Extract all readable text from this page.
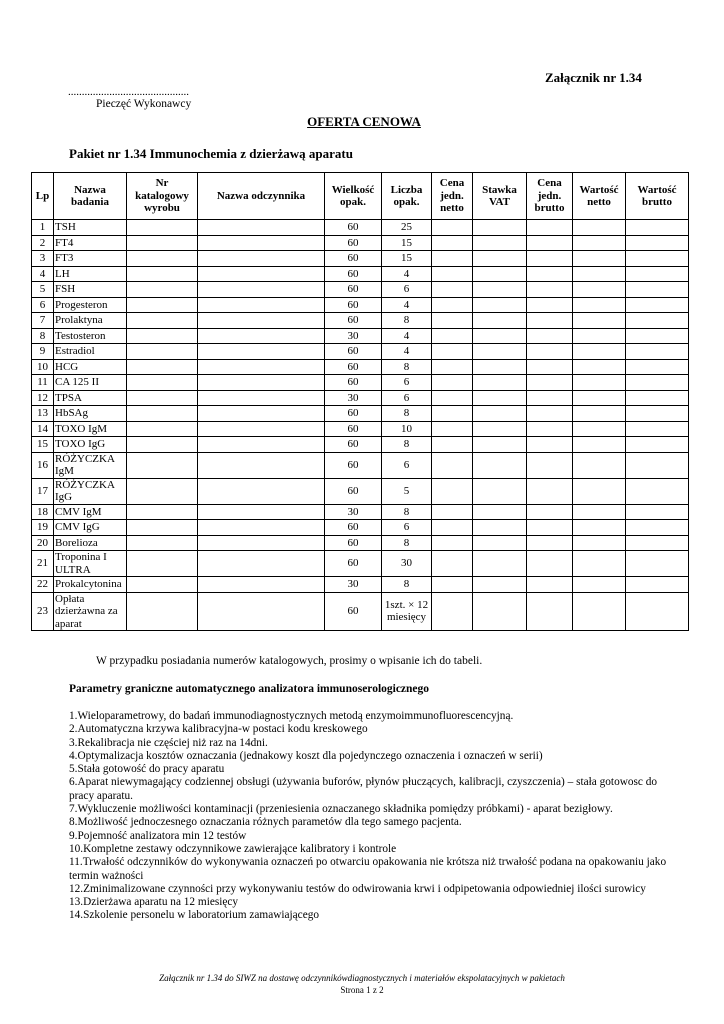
Załącznik nr 1.34
............................................
Pieczęć Wykonawcy
OFERTA CENOWA
Pakiet nr 1.34 Immunochemia z dzierżawą aparatu
Lp	Nazwa badania	Nr katalogowy wyrobu	Nazwa odczynnika	Wielkość opak.	Liczba opak.	Cena jedn. netto	Stawka VAT	Cena jedn. brutto	Wartość netto	Wartość brutto
1	TSH			60	25					
2	FT4			60	15					
3	FT3			60	15					
4	LH			60	4					
5	FSH			60	6					
6	Progesteron			60	4					
7	Prolaktyna			60	8					
8	Testosteron			30	4					
9	Estradiol			60	4					
10	HCG			60	8					
11	CA 125 II			60	6					
12	TPSA			30	6					
13	HbSAg			60	8					
14	TOXO IgM			60	10					
15	TOXO IgG			60	8					
16	RÓŻYCZKA IgM			60	6					
17	RÓŻYCZKA IgG			60	5					
18	CMV IgM			30	8					
19	CMV IgG			60	6					
20	Borelioza			60	8					
21	Troponina I ULTRA			60	30					
22	Prokalcytonina			30	8					
23	Opłata dzierżawna za aparat			60	1szt. × 12 miesięcy					
W przypadku posiadania numerów katalogowych, prosimy o wpisanie ich do tabeli.
Parametry graniczne automatycznego analizatora immunoserologicznego
1.Wieloparametrowy, do badań immunodiagnostycznych metodą enzymoimmunofluorescencyjną.
2.Automatyczna krzywa kalibracyjna-w postaci kodu kreskowego
3.Rekalibracja nie częściej niż raz na 14dni.
4.Optymalizacja kosztów oznaczania (jednakowy koszt dla pojedynczego oznaczenia i oznaczeń w serii)
5.Stała gotowość do pracy aparatu
6.Aparat niewymagający codziennej obsługi (używania buforów, płynów płuczących, kalibracji, czyszczenia) – stała gotowosc do pracy aparatu.
7.Wykluczenie możliwości kontaminacji (przeniesienia oznaczanego składnika pomiędzy próbkami) - aparat bezigłowy.
8.Możliwość jednoczesnego oznaczania różnych parametów dla tego samego pacjenta.
9.Pojemność analizatora min 12 testów
10.Kompletne zestawy odczynnikowe zawierające kalibratory i kontrole
11.Trwałość odczynników do wykonywania oznaczeń po otwarciu opakowania nie krótsza niż trwałość podana na opakowaniu jako termin ważności
12.Zminimalizowane czynności przy wykonywaniu testów do odwirowania krwi i odpipetowania odpowiedniej ilości surowicy
13.Dzierżawa aparatu na 12 miesięcy
14.Szkolenie personelu w laboratorium zamawiającego
Załącznik nr 1.34 do SIWZ na dostawę odczynnikówdiagnostycznych i materiałów ekspolatacyjnych w pakietach
Strona 1 z 2
